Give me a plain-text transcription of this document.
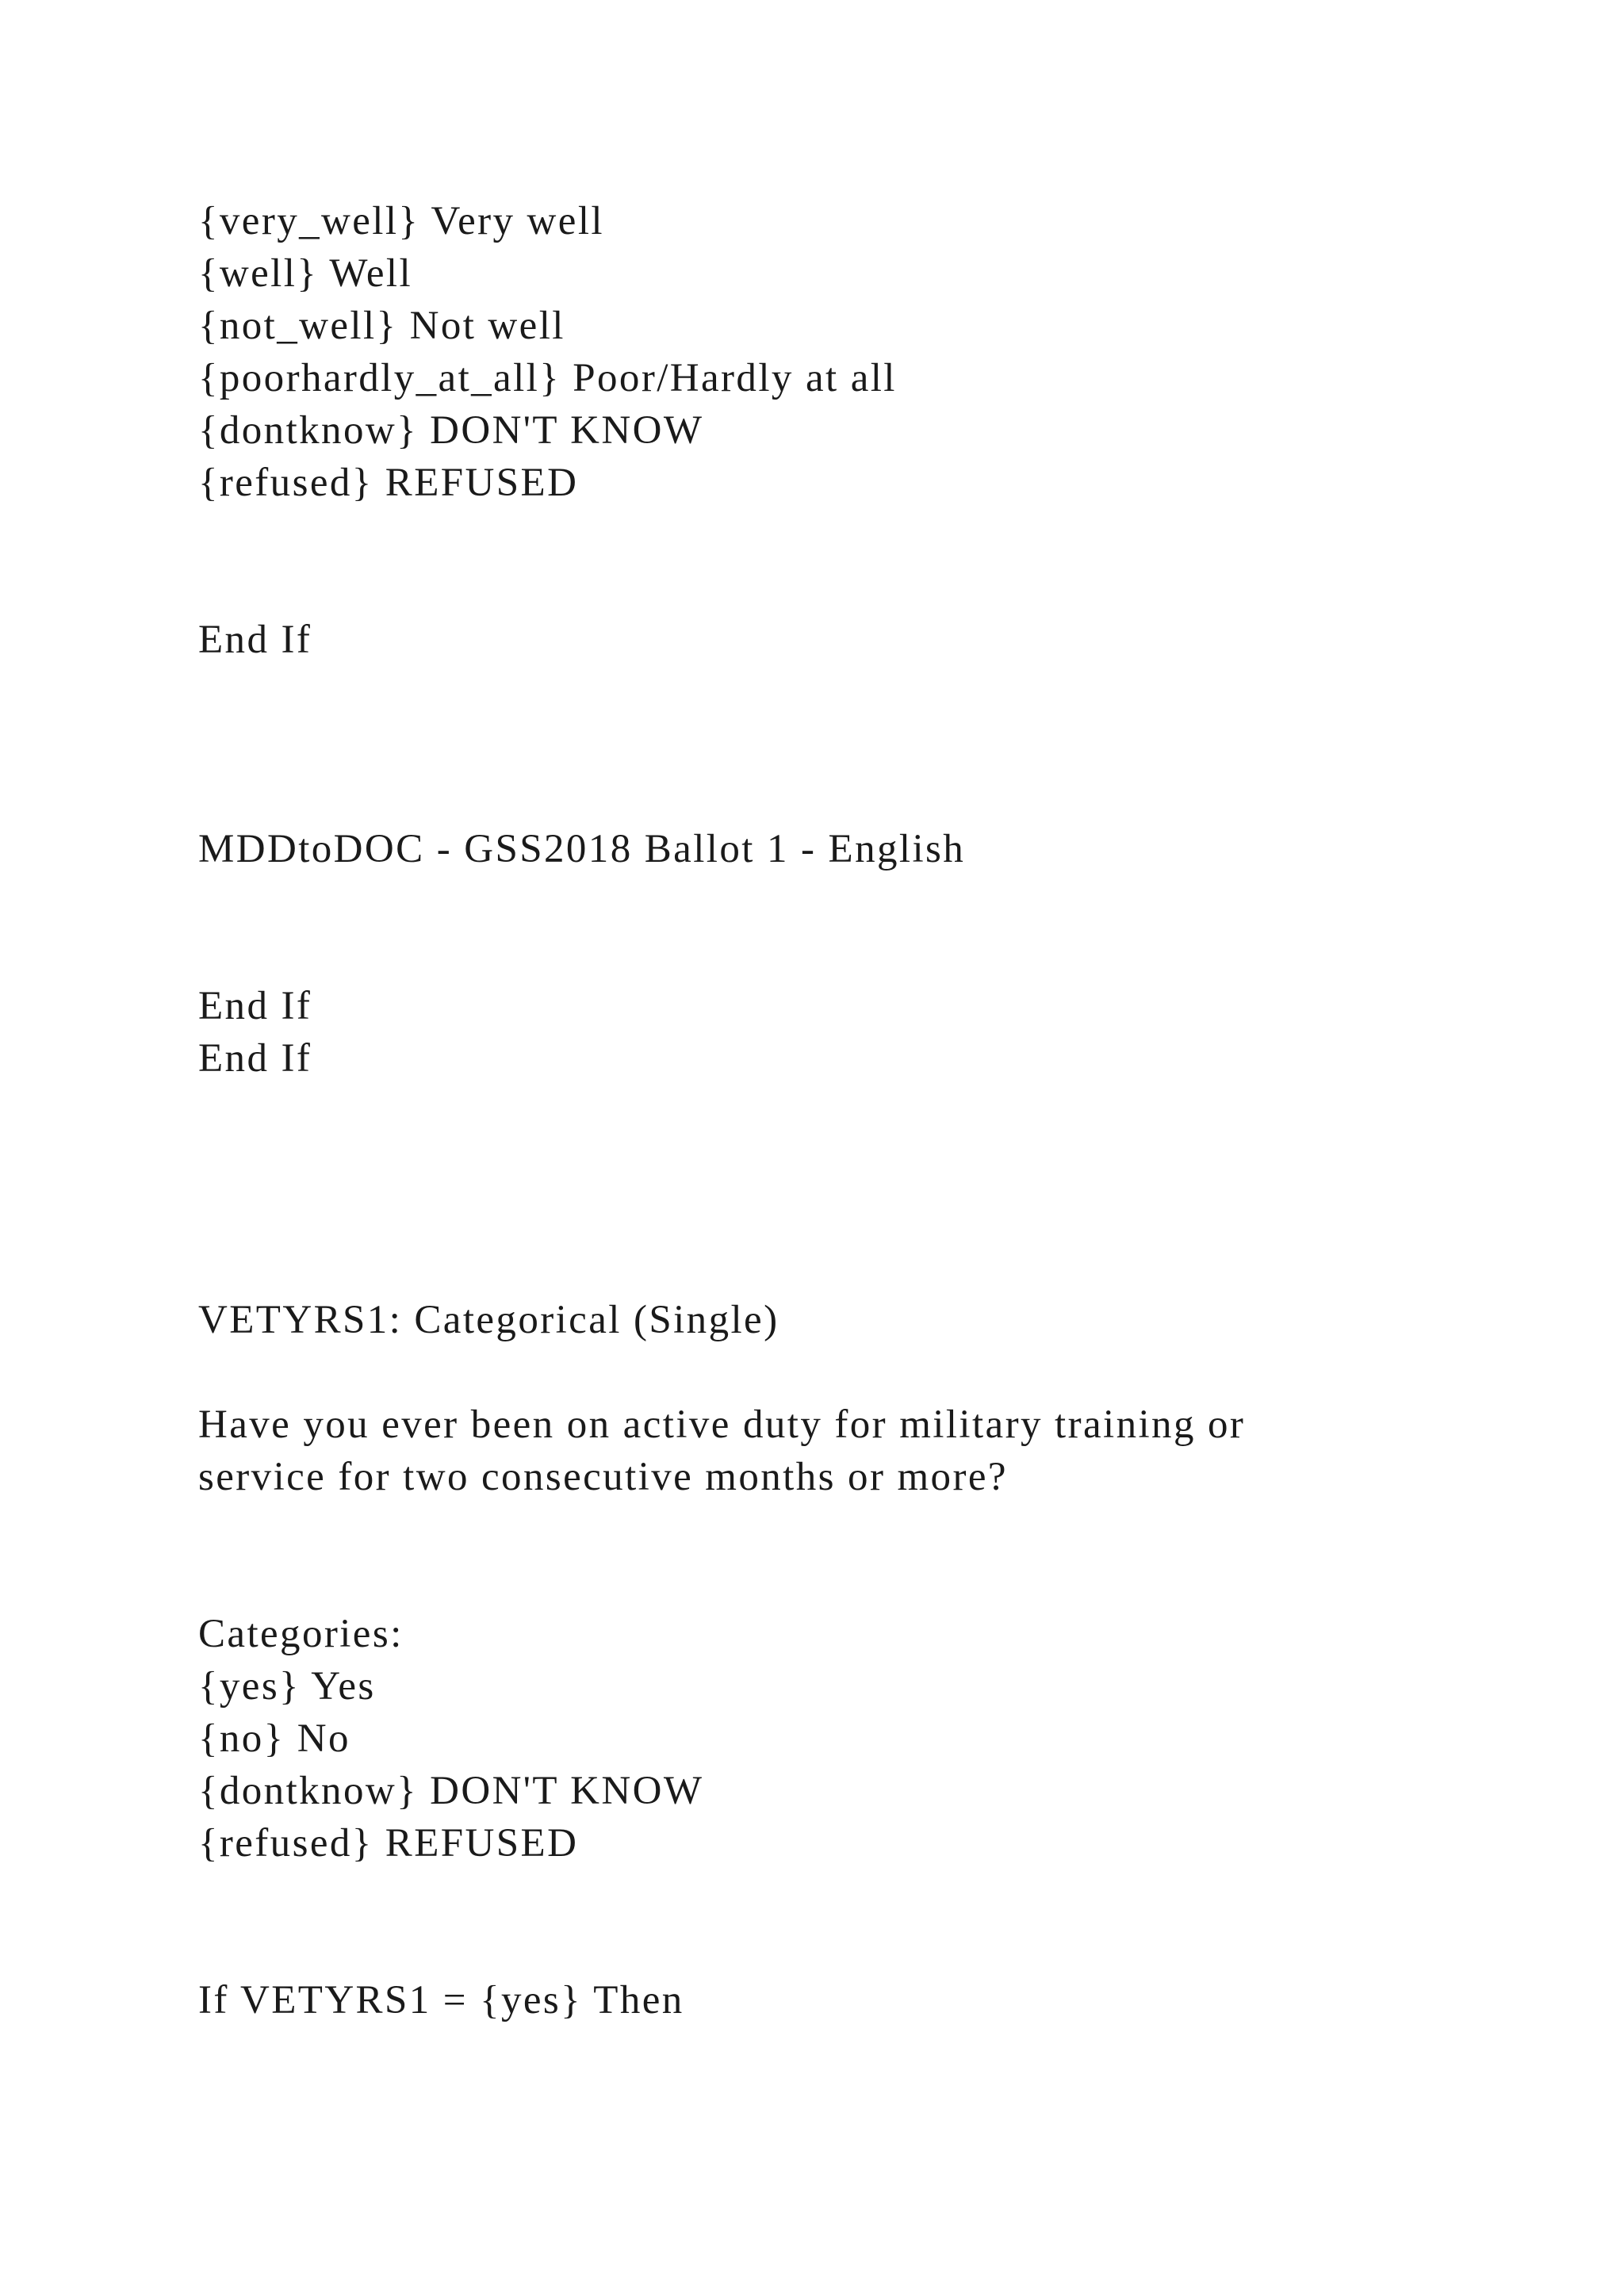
{very_well} Very well
{well} Well
{not_well} Not well
{poorhardly_at_all} Poor/Hardly at all
{dontknow} DON'T KNOW
{refused} REFUSED
End If
MDDtoDOC - GSS2018 Ballot 1 - English
End If
End If
VETYRS1: Categorical (Single)
Have you ever been on active duty for military training or
service for two consecutive months or more?
Categories:
{yes} Yes
{no} No
{dontknow} DON'T KNOW
{refused} REFUSED
If VETYRS1 = {yes} Then
